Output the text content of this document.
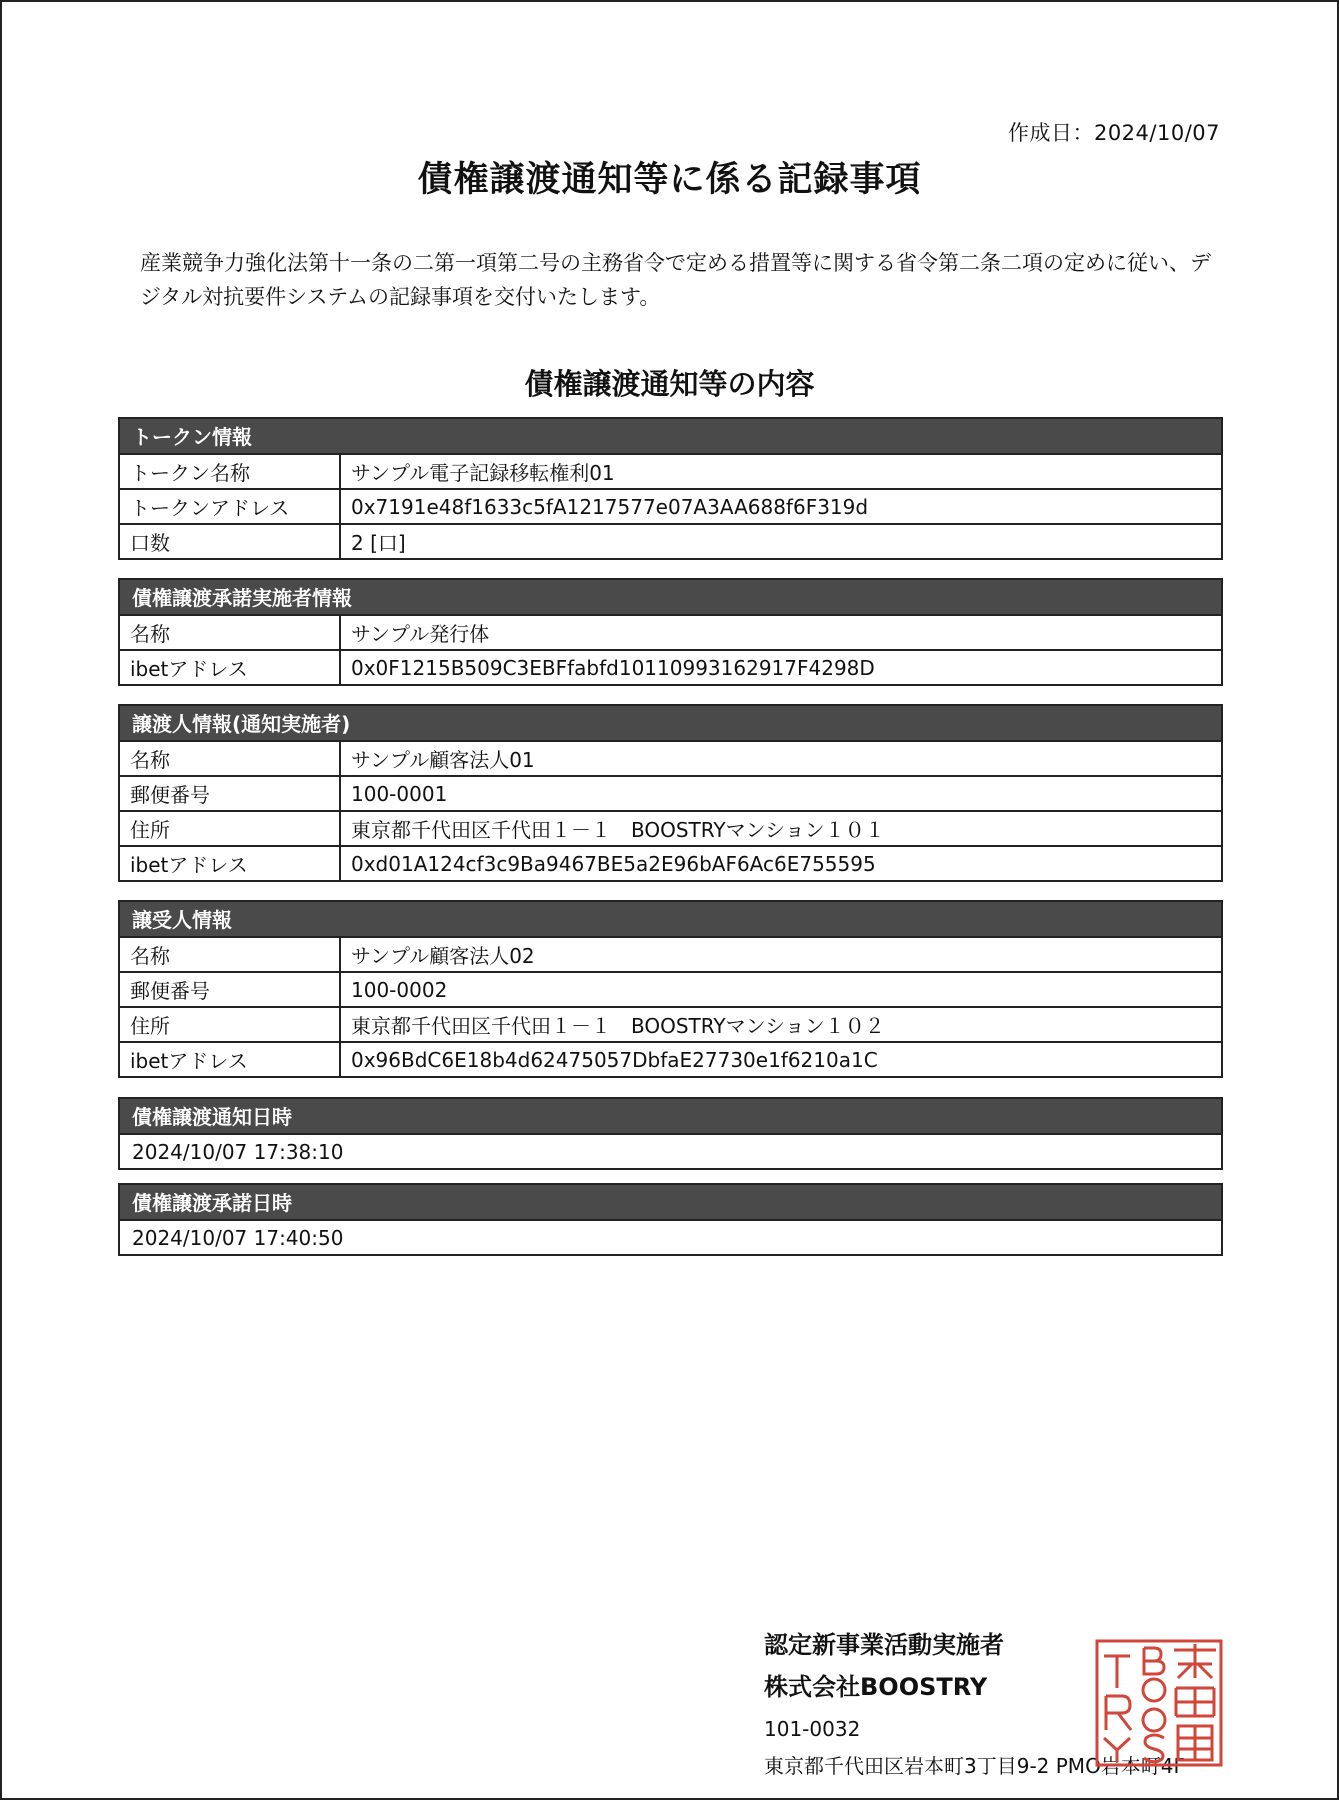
作成日：2024/10/07
債権譲渡通知等に係る記録事項
産業競争力強化法第十一条の二第一項第二号の主務省令で定める措置等に関する省令第二条二項の定めに従い、デジタル対抗要件システムの記録事項を交付いたします。
債権譲渡通知等の内容
トークン情報
トークン名称	サンプル電子記録移転権利01
トークンアドレス	0x7191e48f1633c5fA1217577e07A3AA688f6F319d
口数	2 [口]
債権譲渡承諾実施者情報
名称	サンプル発行体
ibetアドレス	0x0F1215B509C3EBFfabfd10110993162917F4298D
譲渡人情報(通知実施者)
名称	サンプル顧客法人01
郵便番号	100-0001
住所	東京都千代田区千代田１－１　BOOSTRYマンション１０１
ibetアドレス	0xd01A124cf3c9Ba9467BE5a2E96bAF6Ac6E755595
譲受人情報
名称	サンプル顧客法人02
郵便番号	100-0002
住所	東京都千代田区千代田１－１　BOOSTRYマンション１０２
ibetアドレス	0x96BdC6E18b4d62475057DbfaE27730e1f6210a1C
債権譲渡通知日時
2024/10/07 17:38:10
債権譲渡承諾日時
2024/10/07 17:40:50
認定新事業活動実施者
株式会社BOOSTRY
101-0032
東京都千代田区岩本町3丁目9-2 PMO岩本町4F
